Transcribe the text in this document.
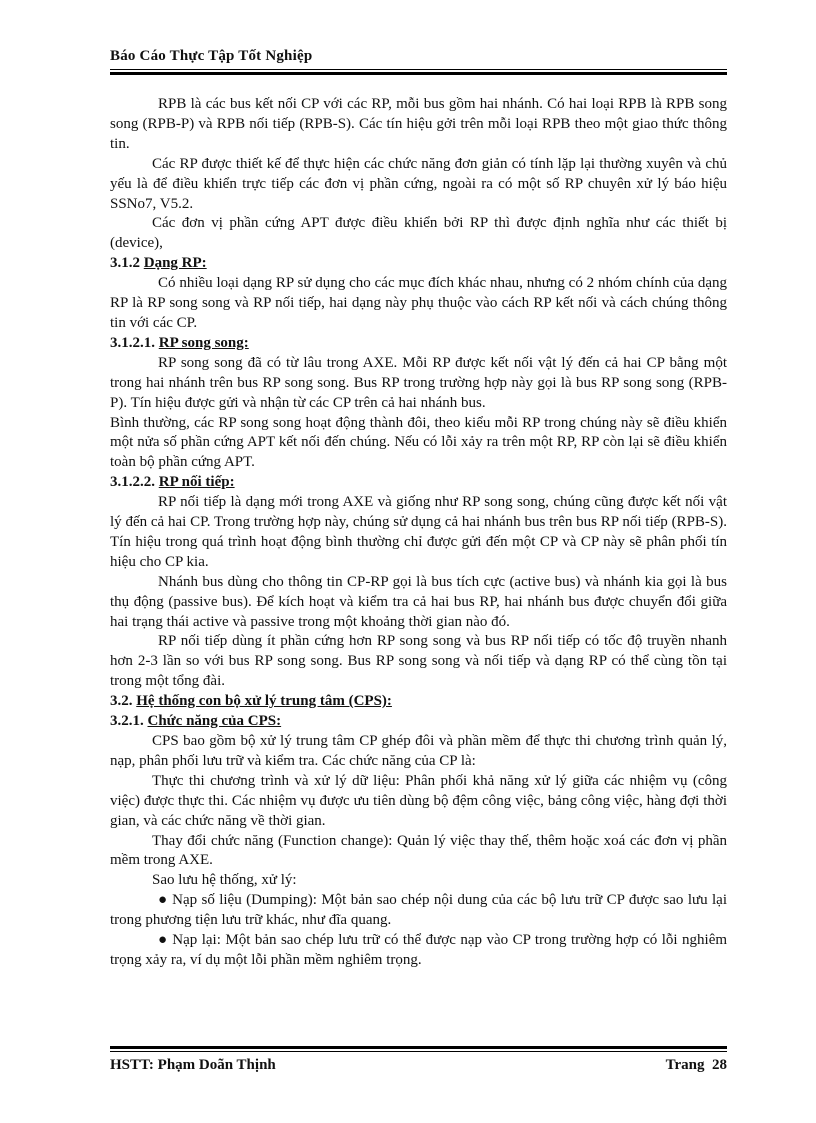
Báo Cáo Thực Tập Tốt Nghiệp

RPB là các bus kết nối CP với các RP, mỗi bus gồm hai nhánh. Có hai loại RPB là RPB song song (RPB-P) và RPB nối tiếp (RPB-S). Các tín hiệu gởi trên mỗi loại RPB theo một giao thức thông tin.

Các RP được thiết kế để thực hiện các chức năng đơn giản có tính lặp lại thường xuyên và chủ yếu là để điều khiển trực tiếp các đơn vị phần cứng, ngoài ra có một số RP chuyên xử lý báo hiệu SSNo7, V5.2.

Các đơn vị phần cứng APT được điều khiển bởi RP thì được định nghĩa như các thiết bị (device),

3.1.2 Dạng RP:

Có nhiều loại dạng RP sử dụng cho các mục đích khác nhau, nhưng có 2 nhóm chính của dạng RP là RP song song và RP nối tiếp, hai dạng này phụ thuộc vào cách RP kết nối và cách chúng thông tin với các CP.

3.1.2.1. RP song song:

RP song song đã có từ lâu trong AXE. Mỗi RP được kết nối vật lý đến cả hai CP bằng một trong hai nhánh trên bus RP song song. Bus RP trong trường hợp này gọi là bus RP song song (RPB-P). Tín hiệu được gửi và nhận từ các CP trên cả hai nhánh bus.

Bình thường, các RP song song hoạt động thành đôi, theo kiểu mỗi RP trong chúng này sẽ điều khiển một nửa số phần cứng APT kết nối đến chúng. Nếu có lỗi xảy ra trên một RP, RP còn lại sẽ điều khiển toàn bộ phần cứng APT.

3.1.2.2. RP nối tiếp:

RP nối tiếp là dạng mới trong AXE và giống như RP song song, chúng cũng được kết nối vật lý đến cả hai CP. Trong trường hợp này, chúng sử dụng cả hai nhánh bus trên bus RP nối tiếp (RPB-S). Tín hiệu trong quá trình hoạt động bình thường chỉ được gửi đến một CP và CP này sẽ phân phối tín hiệu cho CP kia.

Nhánh bus dùng cho thông tin CP-RP gọi là bus tích cực (active bus) và nhánh kia gọi là bus thụ động (passive bus). Để kích hoạt và kiểm tra cả hai bus RP, hai nhánh bus được chuyển đổi giữa hai trạng thái active và passive trong một khoảng thời gian nào đó.

RP nối tiếp dùng ít phần cứng hơn RP song song và bus RP nối tiếp có tốc độ truyền nhanh hơn 2-3 lần so với bus RP song song. Bus RP song song và nối tiếp và dạng RP có thể cùng tồn tại trong một tổng đài.

3.2. Hệ thống con bộ xử lý trung tâm (CPS):

3.2.1. Chức năng của CPS:

CPS bao gồm bộ xử lý trung tâm CP ghép đôi và phần mềm để thực thi chương trình quản lý, nạp, phân phối lưu trữ và kiểm tra. Các chức năng của CP là:

Thực thi chương trình và xử lý dữ liệu: Phân phối khả năng xử lý giữa các nhiệm vụ (công việc) được thực thi. Các nhiệm vụ được ưu tiên dùng bộ đệm công việc, bảng công việc, hàng đợi thời gian, và các chức năng về thời gian.

Thay đổi chức năng (Function change): Quản lý việc thay thế, thêm hoặc xoá các đơn vị phần mềm trong AXE.

Sao lưu hệ thống, xử lý:

● Nạp số liệu (Dumping): Một bản sao chép nội dung của các bộ lưu trữ CP được sao lưu lại trong phương tiện lưu trữ khác, như đĩa quang.

● Nạp lại: Một bản sao chép lưu trữ có thể được nạp vào CP trong trường hợp có lỗi nghiêm trọng xảy ra, ví dụ một lỗi phần mềm nghiêm trọng.

HSTT: Phạm Doãn Thịnh	Trang 28
